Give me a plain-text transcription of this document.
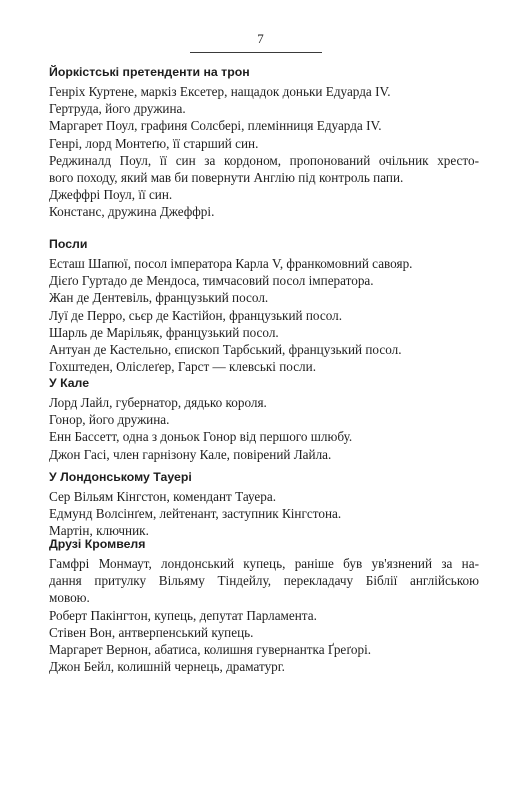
7
Йоркістські претенденти на трон
Генріх Куртене, маркіз Ексетер, нащадок доньки Едуарда IV.
Гертруда, його дружина.
Маргарет Поул, графиня Солсбері, племінниця Едуарда IV.
Генрі, лорд Монтеґю, її старший син.
Реджиналд Поул, її син за кордоном, пропонований очільник хресто-
вого походу, який мав би повернути Англію під контроль папи.
Джеффрі Поул, її син.
Констанс, дружина Джеффрі.
Посли
Есташ Шапюї, посол імператора Карла V, франкомовний савояр.
Дієґо Гуртадо де Мендоса, тимчасовий посол імператора.
Жан де Дентевіль, французький посол.
Луї де Перро, сьєр де Кастійон, французький посол.
Шарль де Марільяк, французький посол.
Антуан де Кастельно, єпископ Тарбський, французький посол.
Гохштеден, Оліслеґер, Гарст — клевські посли.
У Кале
Лорд Лайл, губернатор, дядько короля.
Гонор, його дружина.
Енн Бассетт, одна з доньок Гонор від першого шлюбу.
Джон Гасі, член гарнізону Кале, повірений Лайла.
У Лондонському Тауері
Сер Вільям Кінгстон, комендант Тауера.
Едмунд Волсінґем, лейтенант, заступник Кінгстона.
Мартін, ключник.
Друзі Кромвеля
Гамфрі Монмаут, лондонський купець, раніше був ув'язнений за на-
дання притулку Вільяму Тіндейлу, перекладачу Біблії англійською
мовою.
Роберт Пакінгтон, купець, депутат Парламента.
Стівен Вон, антверпенський купець.
Маргарет Вернон, абатиса, колишня гувернантка Ґреґорі.
Джон Бейл, колишній чернець, драматург.
